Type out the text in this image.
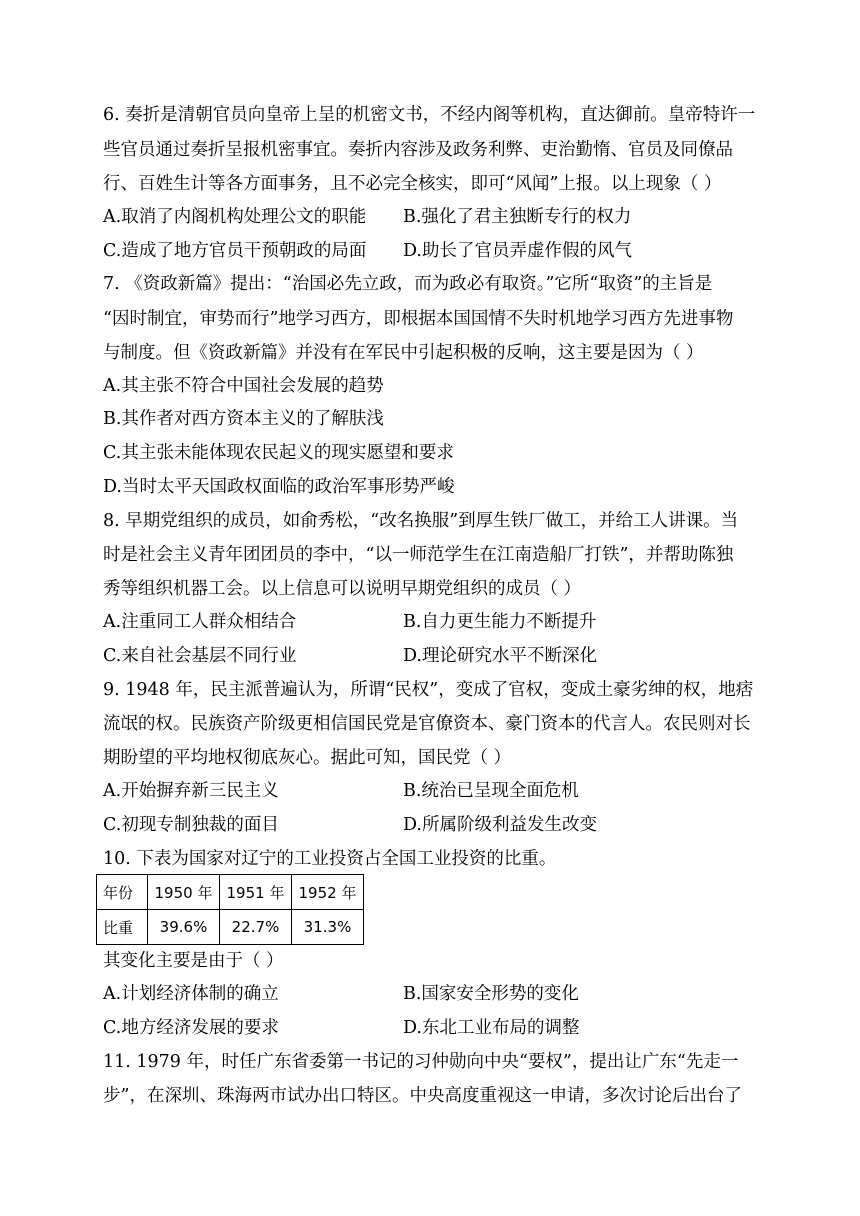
6. 奏折是清朝官员向皇帝上呈的机密文书，不经内阁等机构，直达御前。皇帝特许一
些官员通过奏折呈报机密事宜。奏折内容涉及政务利弊、吏治勤惰、官员及同僚品
行、百姓生计等各方面事务，且不必完全核实，即可“风闻”上报。以上现象（ ）
A.取消了内阁机构处理公文的职能 B.强化了君主独断专行的权力
C.造成了地方官员干预朝政的局面 D.助长了官员弄虚作假的风气
7. 《资政新篇》提出：“治国必先立政，而为政必有取资。”它所“取资”的主旨是
“因时制宜，审势而行”地学习西方，即根据本国国情不失时机地学习西方先进事物
与制度。但《资政新篇》并没有在军民中引起积极的反响，这主要是因为（ ）
A.其主张不符合中国社会发展的趋势
B.其作者对西方资本主义的了解肤浅
C.其主张未能体现农民起义的现实愿望和要求
D.当时太平天国政权面临的政治军事形势严峻
8. 早期党组织的成员，如俞秀松，“改名换服”到厚生铁厂做工，并给工人讲课。当
时是社会主义青年团团员的李中，“以一师范学生在江南造船厂打铁”，并帮助陈独
秀等组织机器工会。以上信息可以说明早期党组织的成员（ ）
A.注重同工人群众相结合	B.自力更生能力不断提升
C.来自社会基层不同行业	D.理论研究水平不断深化
9. 1948 年，民主派普遍认为，所谓“民权”，变成了官权，变成土豪劣绅的权，地痞
流氓的权。民族资产阶级更相信国民党是官僚资本、豪门资本的代言人。农民则对长
期盼望的平均地权彻底灰心。据此可知，国民党（ ）
A.开始摒弃新三民主义	B.统治已呈现全面危机
C.初现专制独裁的面目	D.所属阶级利益发生改变
10. 下表为国家对辽宁的工业投资占全国工业投资的比重。
年份	1950 年	1951 年	1952 年
比重	39.6%	22.7%	31.3%
其变化主要是由于（ ）
A.计划经济体制的确立	B.国家安全形势的变化
C.地方经济发展的要求	D.东北工业布局的调整
11. 1979 年，时任广东省委第一书记的习仲勋向中央“要权”，提出让广东“先走一
步”，在深圳、珠海两市试办出口特区。中央高度重视这一申请，多次讨论后出台了
